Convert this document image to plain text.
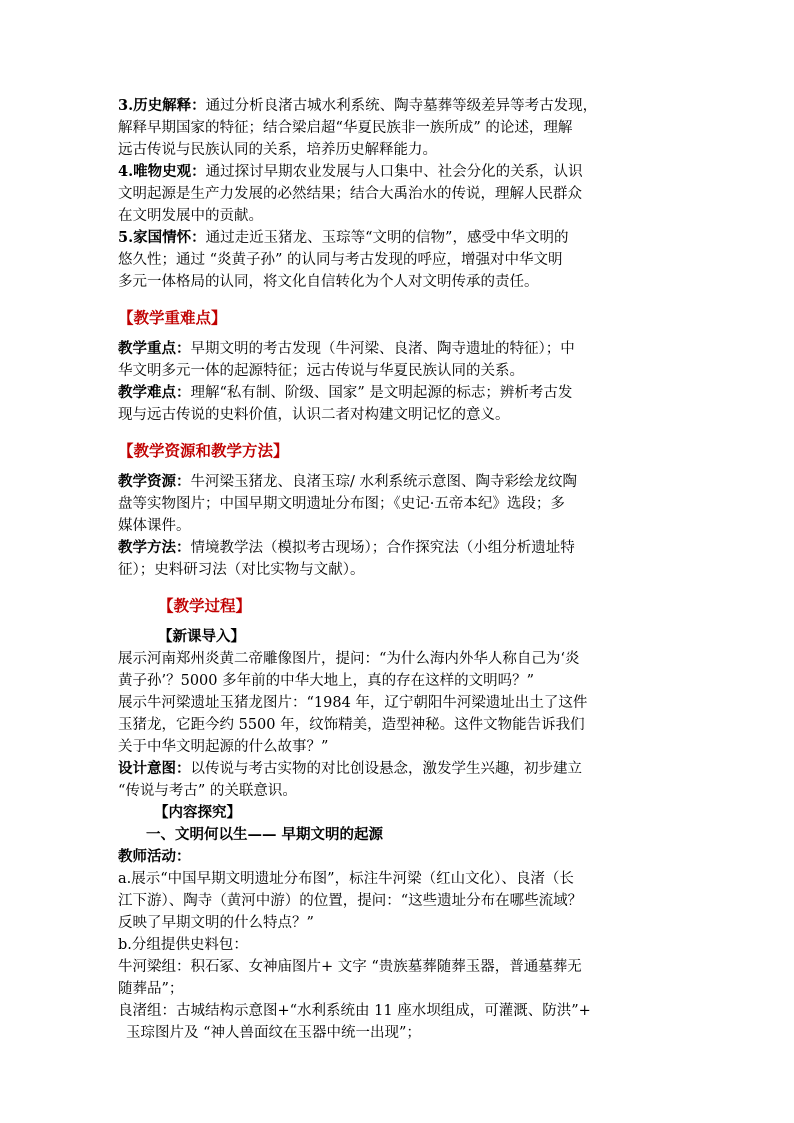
3.历史解释：通过分析良渚古城水利系统、陶寺墓葬等级差异等考古发现，

解释早期国家的特征；结合梁启超“华夏民族非一族所成” 的论述，理解

远古传说与民族认同的关系，培养历史解释能力。

4.唯物史观：通过探讨早期农业发展与人口集中、社会分化的关系，认识

文明起源是生产力发展的必然结果；结合大禹治水的传说，理解人民群众

在文明发展中的贡献。

5.家国情怀：通过走近玉猪龙、玉琮等“文明的信物”，感受中华文明的

悠久性；通过 “炎黄子孙” 的认同与考古发现的呼应，增强对中华文明

多元一体格局的认同，将文化自信转化为个人对文明传承的责任。

【教学重难点】

教学重点：早期文明的考古发现（牛河梁、良渚、陶寺遗址的特征）；中

华文明多元一体的起源特征；远古传说与华夏民族认同的关系。

教学难点：理解“私有制、阶级、国家” 是文明起源的标志；辨析考古发

现与远古传说的史料价值，认识二者对构建文明记忆的意义。

【教学资源和教学方法】

教学资源：牛河梁玉猪龙、良渚玉琮/ 水利系统示意图、陶寺彩绘龙纹陶

盘等实物图片；中国早期文明遗址分布图；《史记·五帝本纪》选段；多

媒体课件。

教学方法：情境教学法（模拟考古现场）；合作探究法（小组分析遗址特

征）；史料研习法（对比实物与文献）。

【教学过程】

【新课导入】

展示河南郑州炎黄二帝雕像图片，提问：“为什么海内外华人称自己为‘炎

黄子孙’？5000 多年前的中华大地上，真的存在这样的文明吗？”

展示牛河梁遗址玉猪龙图片：“1984 年，辽宁朝阳牛河梁遗址出土了这件

玉猪龙，它距今约 5500 年，纹饰精美，造型神秘。这件文物能告诉我们

关于中华文明起源的什么故事？”

设计意图：以传说与考古实物的对比创设悬念，激发学生兴趣，初步建立

“传说与考古” 的关联意识。

【内容探究】

一、文明何以生—— 早期文明的起源

教师活动：

a.展示“中国早期文明遗址分布图”，标注牛河梁（红山文化）、良渚（长

江下游）、陶寺（黄河中游）的位置，提问：“这些遗址分布在哪些流域？

反映了早期文明的什么特点？”

b.分组提供史料包：

牛河梁组：积石冢、女神庙图片+ 文字 “贵族墓葬随葬玉器，普通墓葬无

随葬品”；

良渚组：古城结构示意图+“水利系统由 11 座水坝组成，可灌溉、防洪”+

玉琮图片及 “神人兽面纹在玉器中统一出现”；
